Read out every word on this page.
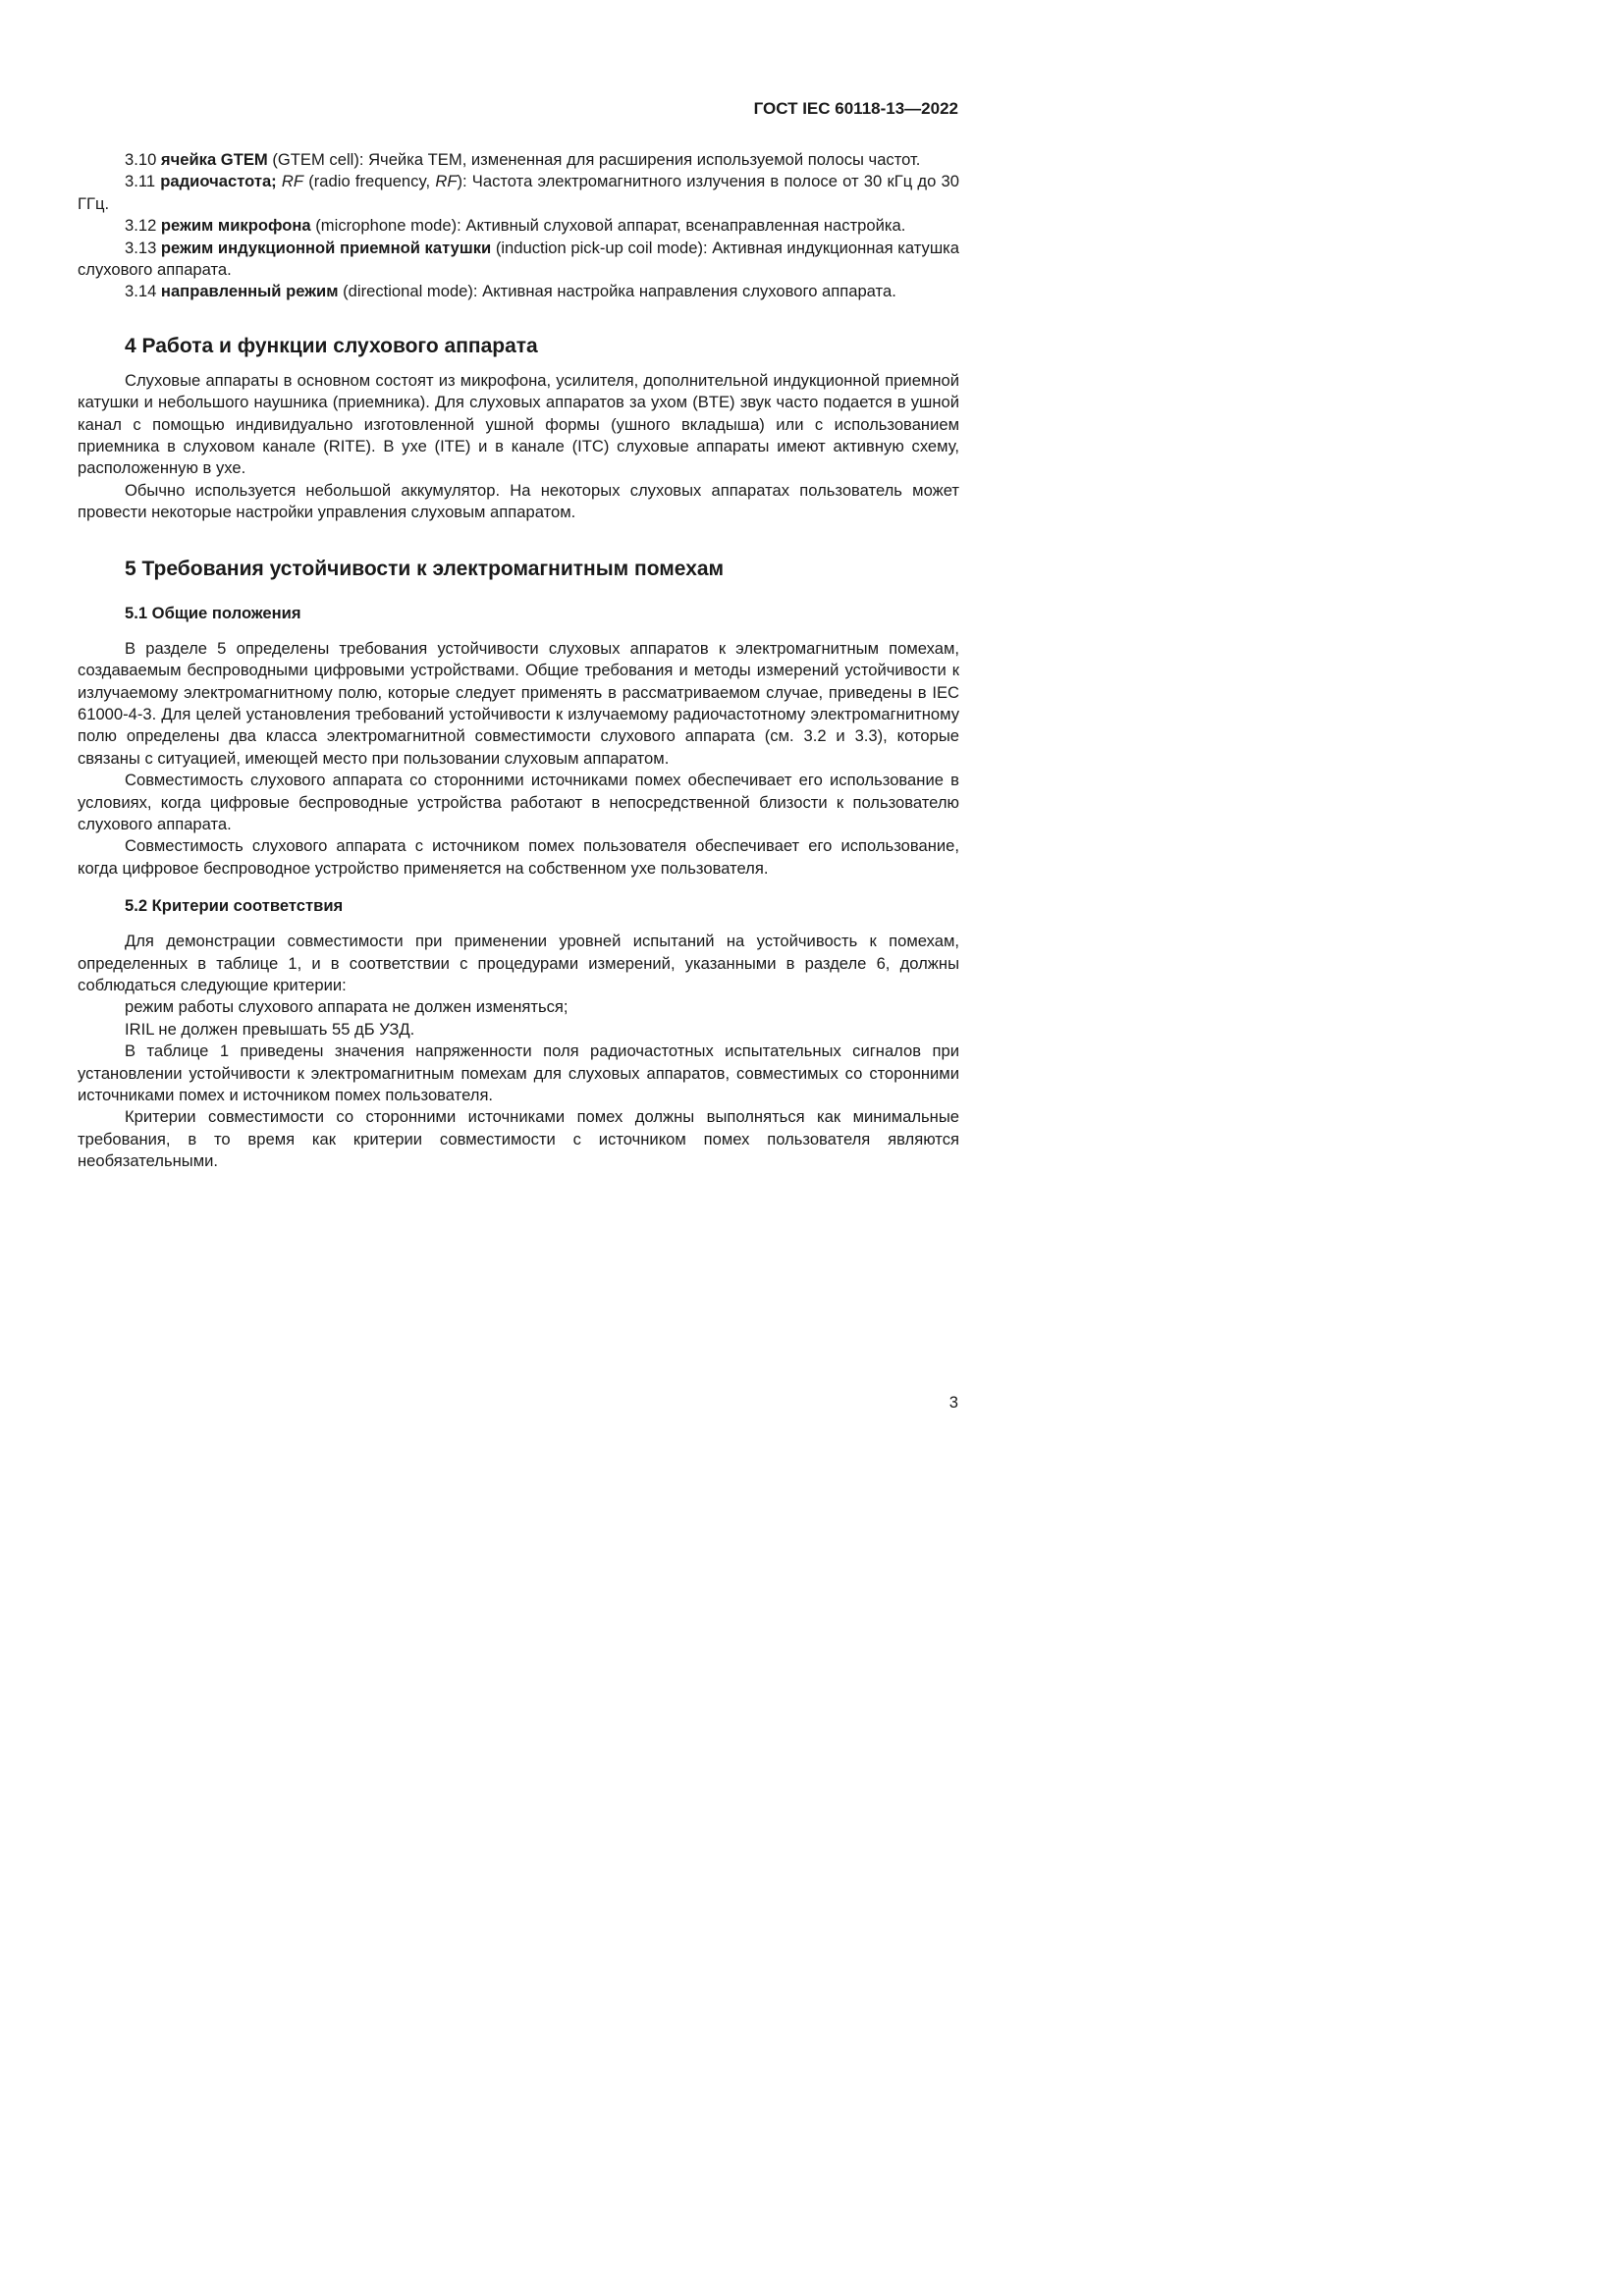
ГОСТ IEC 60118-13—2022

3.10 ячейка GTEM (GTEM cell): Ячейка TEM, измененная для расширения используемой полосы частот.

3.11 радиочастота; RF (radio frequency, RF): Частота электромагнитного излучения в полосе от 30 кГц до 30 ГГц.

3.12 режим микрофона (microphone mode): Активный слуховой аппарат, всенаправленная настройка.

3.13 режим индукционной приемной катушки (induction pick-up coil mode): Активная индукционная катушка слухового аппарата.

3.14 направленный режим (directional mode): Активная настройка направления слухового аппарата.

4 Работа и функции слухового аппарата

Слуховые аппараты в основном состоят из микрофона, усилителя, дополнительной индукционной приемной катушки и небольшого наушника (приемника). Для слуховых аппаратов за ухом (BTE) звук часто подается в ушной канал с помощью индивидуально изготовленной ушной формы (ушного вкладыша) или с использованием приемника в слуховом канале (RITE). В ухе (ITE) и в канале (ITC) слуховые аппараты имеют активную схему, расположенную в ухе.

Обычно используется небольшой аккумулятор. На некоторых слуховых аппаратах пользователь может провести некоторые настройки управления слуховым аппаратом.

5 Требования устойчивости к электромагнитным помехам
5.1 Общие положения

В разделе 5 определены требования устойчивости слуховых аппаратов к электромагнитным помехам, создаваемым беспроводными цифровыми устройствами. Общие требования и методы измерений устойчивости к излучаемому электромагнитному полю, которые следует применять в рассматриваемом случае, приведены в IEC 61000-4-3. Для целей установления требований устойчивости к излучаемому радиочастотному электромагнитному полю определены два класса электромагнитной совместимости слухового аппарата (см. 3.2 и 3.3), которые связаны с ситуацией, имеющей место при пользовании слуховым аппаратом.

Совместимость слухового аппарата со сторонними источниками помех обеспечивает его использование в условиях, когда цифровые беспроводные устройства работают в непосредственной близости к пользователю слухового аппарата.

Совместимость слухового аппарата с источником помех пользователя обеспечивает его использование, когда цифровое беспроводное устройство применяется на собственном ухе пользователя.

5.2 Критерии соответствия

Для демонстрации совместимости при применении уровней испытаний на устойчивость к помехам, определенных в таблице 1, и в соответствии с процедурами измерений, указанными в разделе 6, должны соблюдаться следующие критерии:

режим работы слухового аппарата не должен изменяться;

IRIL не должен превышать 55 дБ УЗД.

В таблице 1 приведены значения напряженности поля радиочастотных испытательных сигналов при установлении устойчивости к электромагнитным помехам для слуховых аппаратов, совместимых со сторонними источниками помех и источником помех пользователя.

Критерии совместимости со сторонними источниками помех должны выполняться как минимальные требования, в то время как критерии совместимости с источником помех пользователя являются необязательными.

3
